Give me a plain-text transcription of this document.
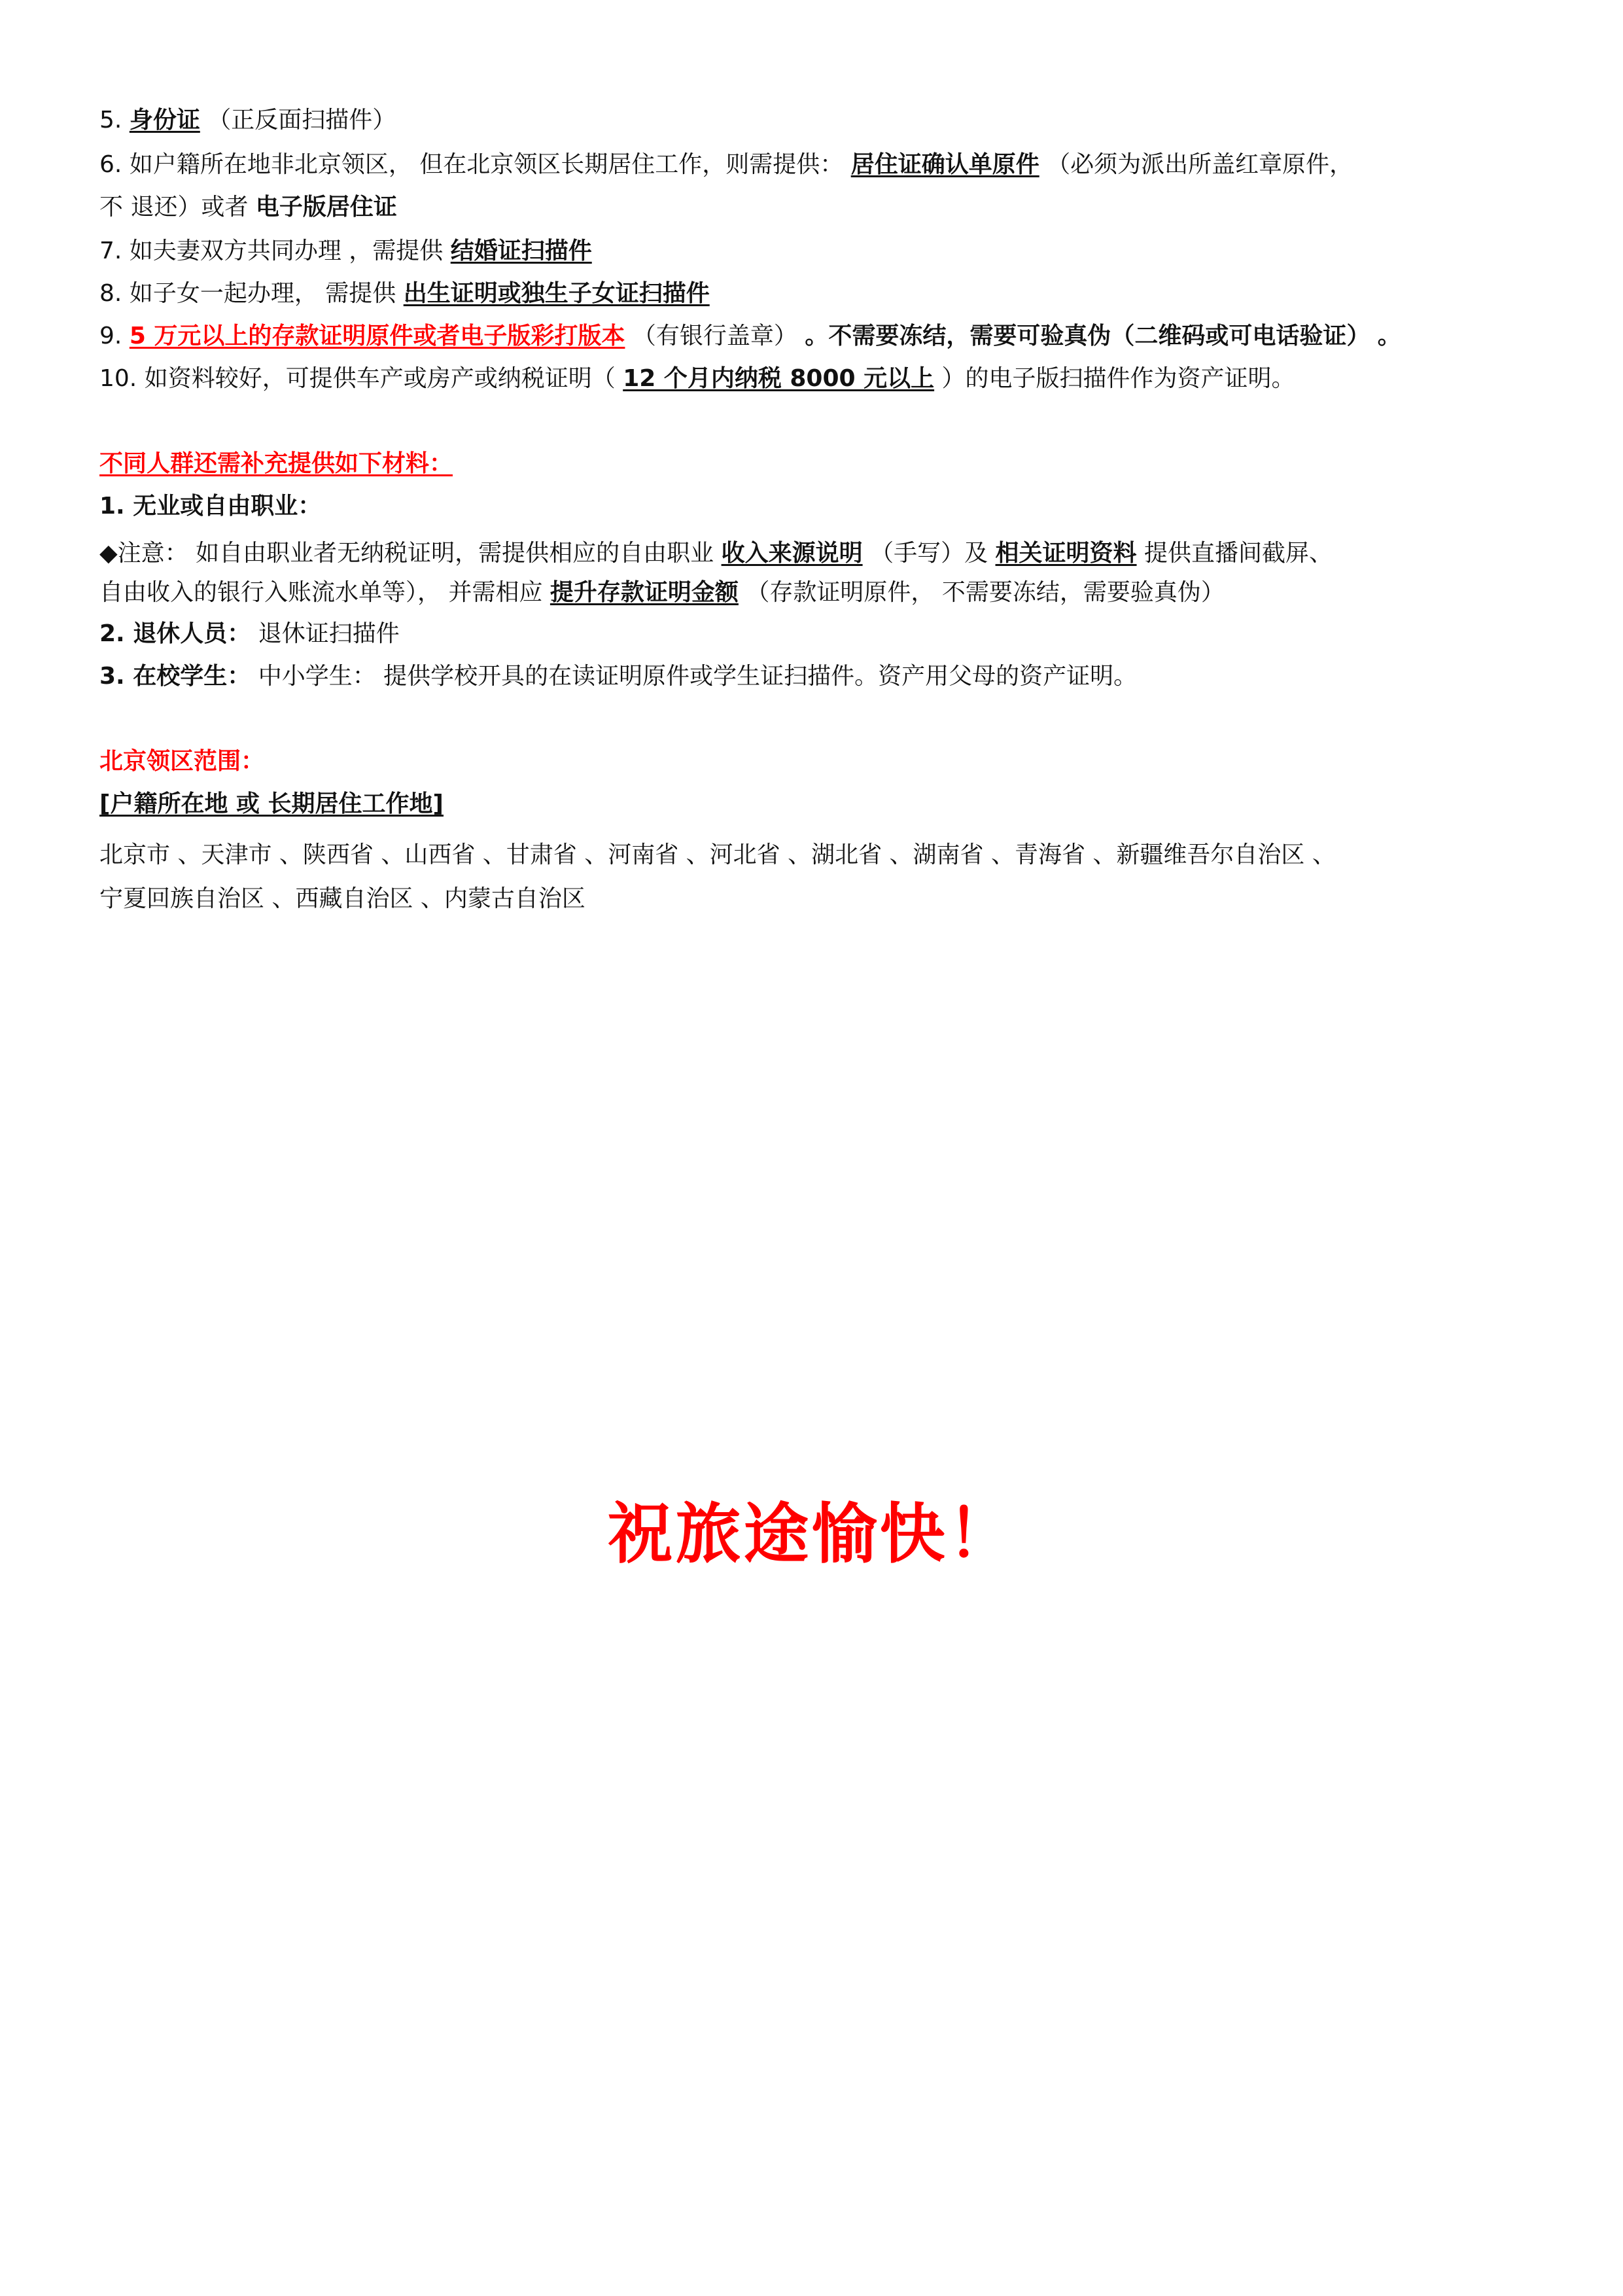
5. 身份证 （正反面扫描件）
6. 如户籍所在地非北京领区， 但在北京领区长期居住工作，则需提供： 居住证确认单原件 （必须为派出所盖红章原件，
不 退还）或者 电子版居住证
7. 如夫妻双方共同办理 ，需提供 结婚证扫描件
8. 如子女一起办理， 需提供 出生证明或独生子女证扫描件
9. 5 万元以上的存款证明原件或者电子版彩打版本 （有银行盖章） 。不需要冻结，需要可验真伪（二维码或可电话验证） 。
10. 如资料较好，可提供车产或房产或纳税证明（ 12 个月内纳税 8000 元以上 ）的电子版扫描件作为资产证明。
不同人群还需补充提供如下材料：
1. 无业或自由职业：
◆注意： 如自由职业者无纳税证明，需提供相应的自由职业 收入来源说明 （手写）及 相关证明资料 提供直播间截屏、
自由收入的银行入账流水单等）， 并需相应 提升存款证明金额 （存款证明原件， 不需要冻结，需要验真伪）
2. 退休人员： 退休证扫描件
3. 在校学生： 中小学生： 提供学校开具的在读证明原件或学生证扫描件。资产用父母的资产证明。
北京领区范围：
[户籍所在地 或 长期居住工作地]
北京市 、天津市 、陕西省 、山西省 、甘肃省 、河南省 、河北省 、湖北省 、湖南省 、青海省 、新疆维吾尔自治区 、
宁夏回族自治区 、西藏自治区 、内蒙古自治区
祝旅途愉快！
